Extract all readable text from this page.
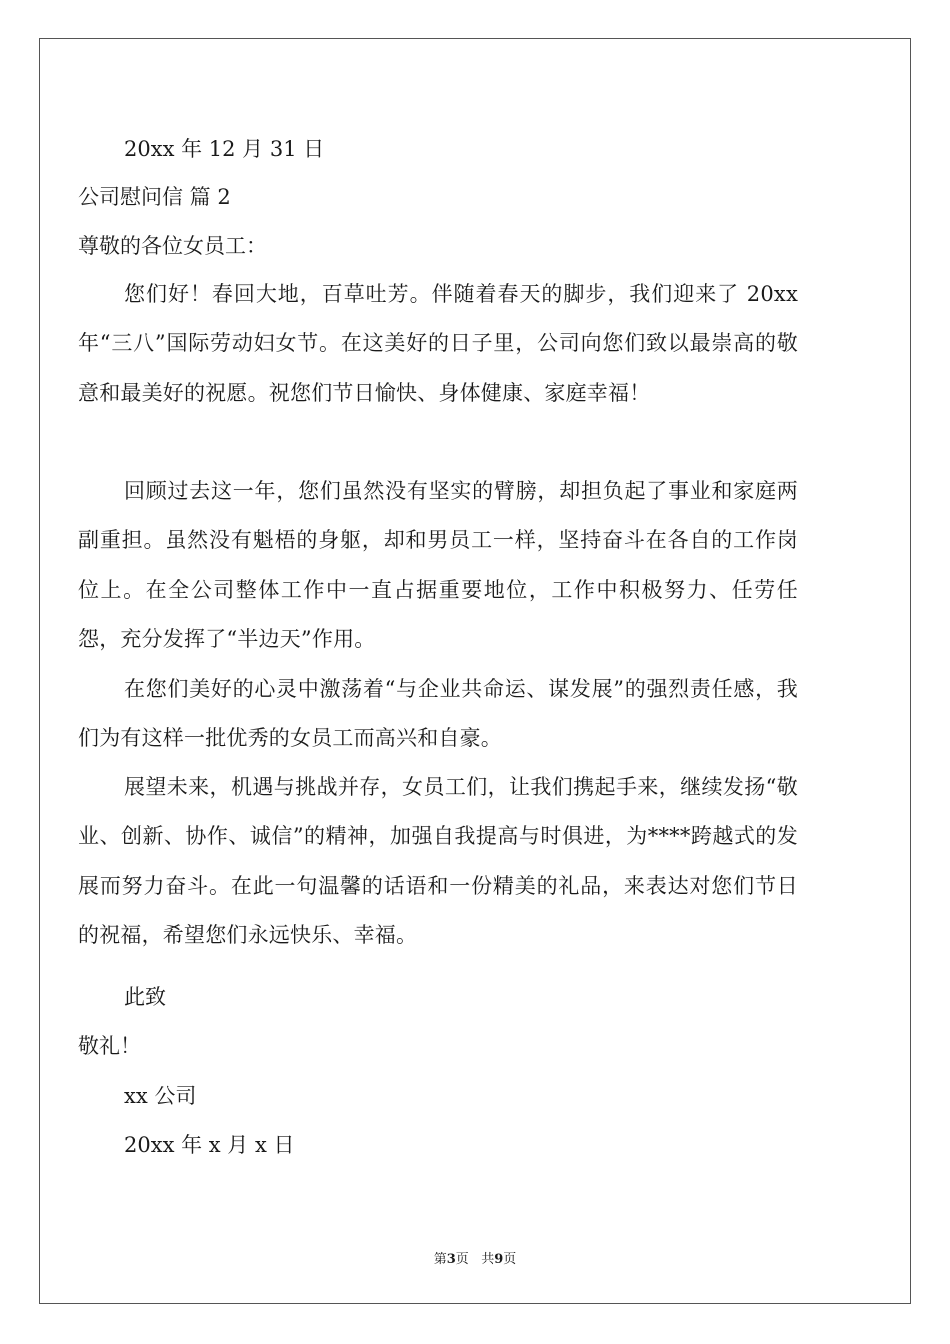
20xx 年 12 月 31 日
公司慰问信 篇 2
尊敬的各位女员工：
您们好！春回大地，百草吐芳。伴随着春天的脚步，我们迎来了 20xx 年“三八”国际劳动妇女节。在这美好的日子里，公司向您们致以最崇高的敬意和最美好的祝愿。祝您们节日愉快、身体健康、家庭幸福！
回顾过去这一年，您们虽然没有坚实的臂膀，却担负起了事业和家庭两副重担。虽然没有魁梧的身躯，却和男员工一样，坚持奋斗在各自的工作岗位上。在全公司整体工作中一直占据重要地位，工作中积极努力、任劳任怨，充分发挥了“半边天”作用。
在您们美好的心灵中激荡着“与企业共命运、谋发展”的强烈责任感，我们为有这样一批优秀的女员工而高兴和自豪。
展望未来，机遇与挑战并存，女员工们，让我们携起手来，继续发扬“敬业、创新、协作、诚信”的精神，加强自我提高与时俱进，为****跨越式的发展而努力奋斗。在此一句温馨的话语和一份精美的礼品，来表达对您们节日的祝福，希望您们永远快乐、幸福。
此致
敬礼！
xx 公司
20xx 年 x 月 x 日
第3页 共9页
